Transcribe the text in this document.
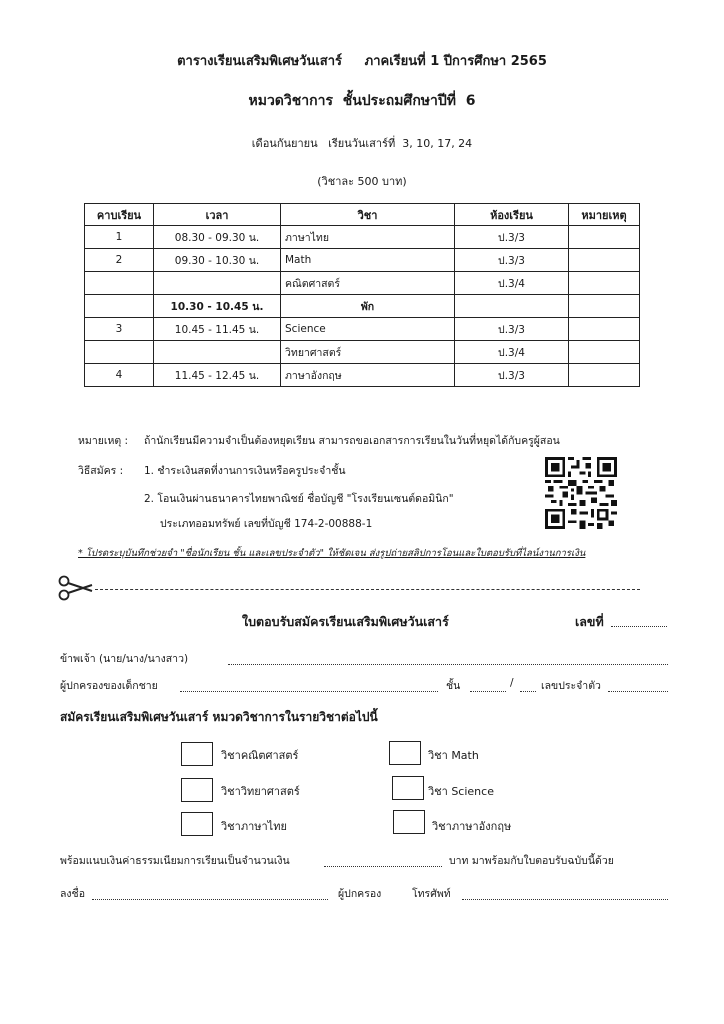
ตารางเรียนเสริมพิเศษวันเสาร์     ภาคเรียนที่ 1 ปีการศึกษา 2565
หมวดวิชาการ  ชั้นประถมศึกษาปีที่  6
เดือนกันยายน   เรียนวันเสาร์ที่  3, 10, 17, 24
(วิชาละ 500 บาท)
คาบเรียน	เวลา	วิชา	ห้องเรียน	หมายเหตุ
1	08.30 - 09.30 น.	ภาษาไทย	ป.3/3	
2	09.30 - 10.30 น.	Math	ป.3/3	
		คณิตศาสตร์	ป.3/4	
	10.30 - 10.45 น.	พัก		
3	10.45 - 11.45 น.	Science	ป.3/3	
		วิทยาศาสตร์	ป.3/4	
4	11.45 - 12.45 น.	ภาษาอังกฤษ	ป.3/3	
หมายเหตุ : ถ้านักเรียนมีความจำเป็นต้องหยุดเรียน สามารถขอเอกสารการเรียนในวันที่หยุดได้กับครูผู้สอน
วิธีสมัคร : 1. ชำระเงินสดที่งานการเงินหรือครูประจำชั้น
2. โอนเงินผ่านธนาคารไทยพาณิชย์ ชื่อบัญชี "โรงเรียนเซนต์ดอมินิก"
ประเภทออมทรัพย์ เลขที่บัญชี 174-2-00888-1
* โปรดระบุบันทึกช่วยจำ "ชื่อนักเรียน ชั้น และเลขประจำตัว" ให้ชัดเจน ส่งรูปถ่ายสลิปการโอนและใบตอบรับที่ไลน์งานการเงิน
ใบตอบรับสมัครเรียนเสริมพิเศษวันเสาร์	เลขที่
ข้าพเจ้า (นาย/นาง/นางสาว)
ผู้ปกครองของเด็กชาย	ชั้น	/	เลขประจำตัว
สมัครเรียนเสริมพิเศษวันเสาร์ หมวดวิชาการในรายวิชาต่อไปนี้
วิชาคณิตศาสตร์	วิชา Math
วิชาวิทยาศาสตร์	วิชา Science
วิชาภาษาไทย	วิชาภาษาอังกฤษ
พร้อมแนบเงินค่าธรรมเนียมการเรียนเป็นจำนวนเงิน	บาท มาพร้อมกับใบตอบรับฉบับนี้ด้วย
ลงชื่อ	ผู้ปกครอง	โทรศัพท์
